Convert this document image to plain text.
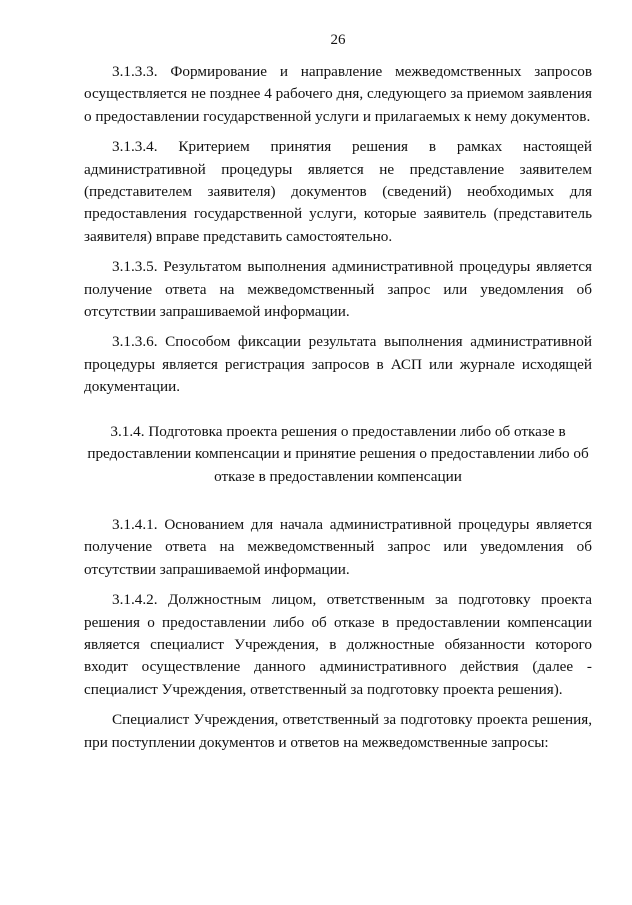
26

3.1.3.3. Формирование и направление межведомственных запросов осуществляется не позднее 4 рабочего дня, следующего за приемом заявления о предоставлении государственной услуги и прилагаемых к нему документов.

3.1.3.4. Критерием принятия решения в рамках настоящей административной процедуры является не представление заявителем (представителем заявителя) документов (сведений) необходимых для предоставления государственной услуги, которые заявитель (представитель заявителя) вправе представить самостоятельно.

3.1.3.5. Результатом выполнения административной процедуры является получение ответа на межведомственный запрос или уведомления об отсутствии запрашиваемой информации.

3.1.3.6. Способом фиксации результата выполнения административной процедуры является регистрация запросов в АСП или журнале исходящей документации.

3.1.4. Подготовка проекта решения о предоставлении либо об отказе в предоставлении компенсации и принятие решения о предоставлении либо об отказе в предоставлении компенсации

3.1.4.1. Основанием для начала административной процедуры является получение ответа на межведомственный запрос или уведомления об отсутствии запрашиваемой информации.

3.1.4.2. Должностным лицом, ответственным за подготовку проекта решения о предоставлении либо об отказе в предоставлении компенсации является специалист Учреждения, в должностные обязанности которого входит осуществление данного административного действия (далее - специалист Учреждения, ответственный за подготовку проекта решения).

Специалист Учреждения, ответственный за подготовку проекта решения, при поступлении документов и ответов на межведомственные запросы:
